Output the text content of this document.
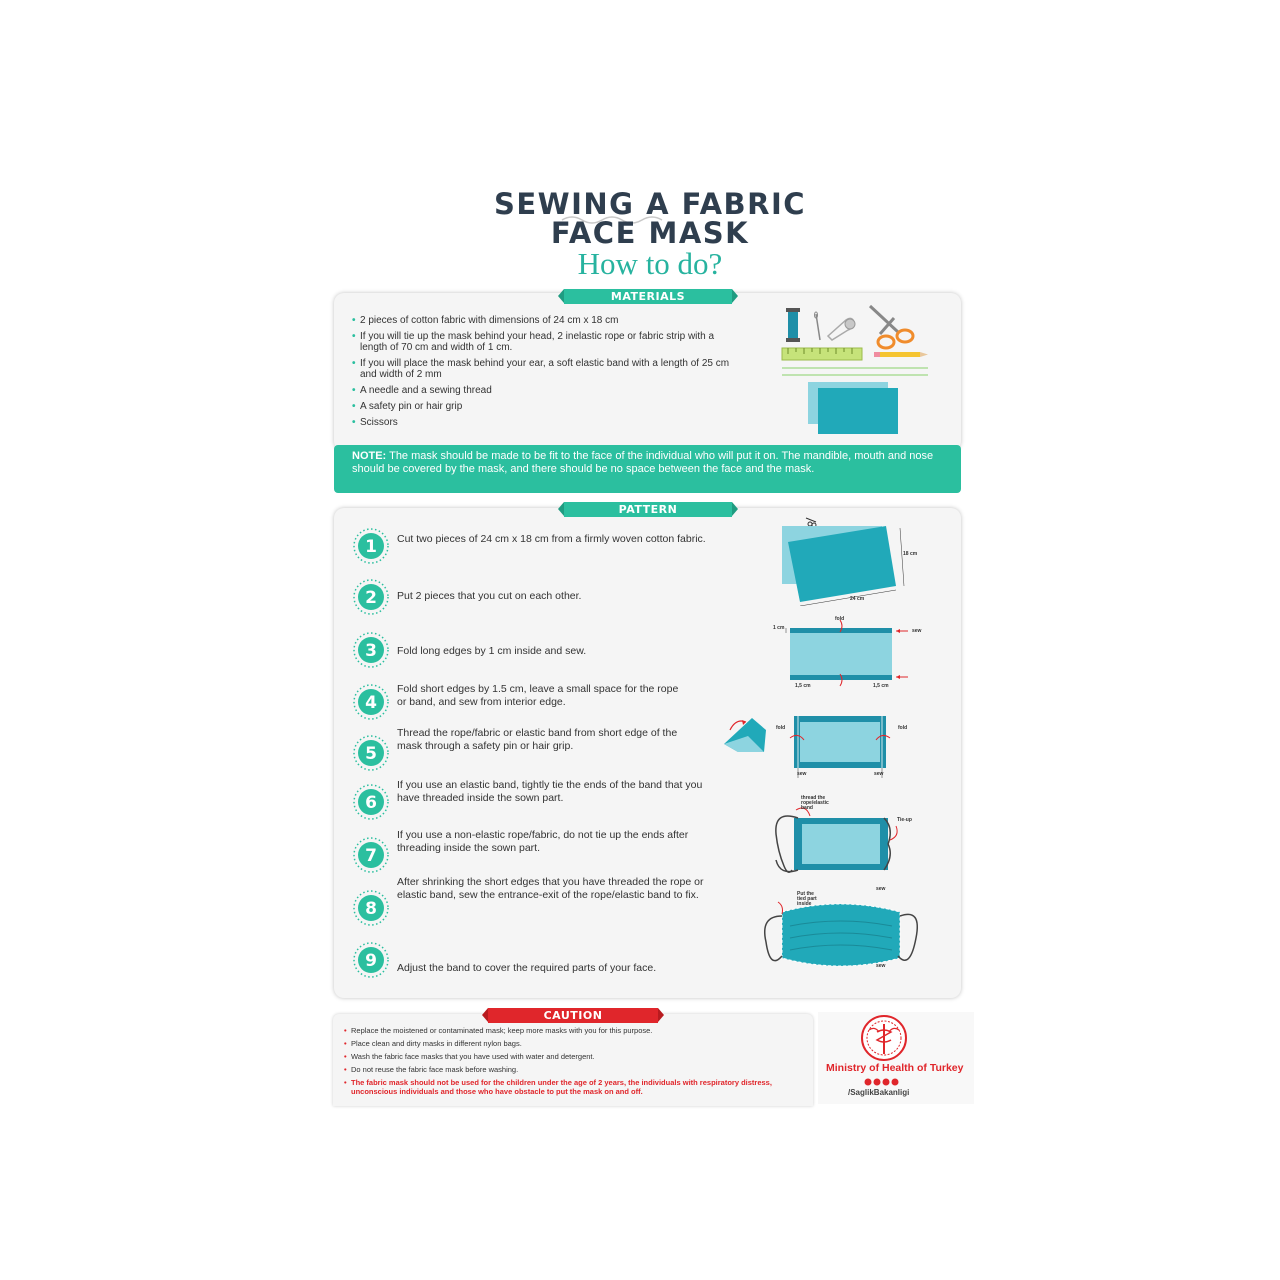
SEWING A FABRIC
FACE MASK
How to do?
MATERIALS
• 2 pieces of cotton fabric with dimensions of 24 cm x 18 cm
• If you will tie up the mask behind your head, 2 inelastic rope or fabric strip with a length of 70 cm and width of 1 cm.
• If you will place the mask behind your ear, a soft elastic band with a length of 25 cm and width of 2 mm
• A needle and a sewing thread
• A safety pin or hair grip
• Scissors
NOTE: The mask should be made to be fit to the face of the individual who will put it on. The mandible, mouth and nose should be covered by the mask, and there should be no space between the face and the mask.
PATTERN
1
2
3
4
5
6
7
8
9
Cut two pieces of 24 cm x 18 cm from a firmly woven cotton fabric.
Put 2 pieces that you cut on each other.
Fold long edges by 1 cm inside and sew.
Fold short edges by 1.5 cm, leave a small space for the rope or band, and sew from interior edge.
Thread the rope/fabric or elastic band from short edge of the mask through a safety pin or hair grip.
If you use an elastic band, tightly tie the ends of the band that you have threaded inside the sown part.
If you use a non-elastic rope/fabric, do not tie up the ends after threading inside the sown part.
After shrinking the short edges that you have threaded the rope or elastic band, sew the entrance-exit of the rope/elastic band to fix.
Adjust the band to cover the required parts of your face.
18 cm
24 cm
fold
sew
1 cm
1,5 cm	1,5 cm
fold	fold
sew	sew
thread the rope/elastic band
Tie-up
sew
Put the tied part inside
sew
CAUTION
• Replace the moistened or contaminated mask; keep more masks with you for this purpose.
• Place clean and dirty masks in different nylon bags.
• Wash the fabric face masks that you have used with water and detergent.
• Do not reuse the fabric face mask before washing.
• The fabric mask should not be used for the children under the age of 2 years, the individuals with respiratory distress, unconscious individuals and those who have obstacle to put the mask on and off.
Ministry of Health of Turkey
/SaglikBakanligi
